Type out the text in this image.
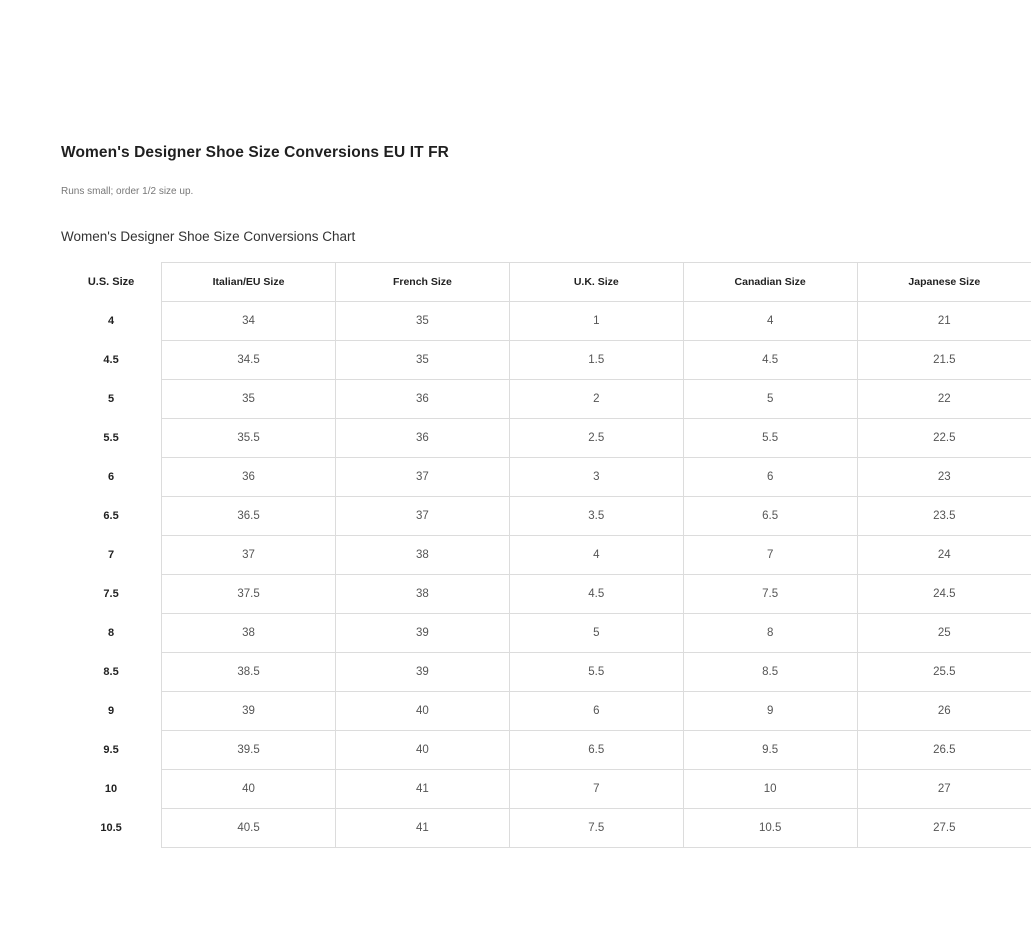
Women's Designer Shoe Size Conversions EU IT FR
Runs small; order 1/2 size up.
Women's Designer Shoe Size Conversions Chart
U.S. Size	Italian/EU Size	French Size	U.K. Size	Canadian Size	Japanese Size
4	34	35	1	4	21
4.5	34.5	35	1.5	4.5	21.5
5	35	36	2	5	22
5.5	35.5	36	2.5	5.5	22.5
6	36	37	3	6	23
6.5	36.5	37	3.5	6.5	23.5
7	37	38	4	7	24
7.5	37.5	38	4.5	7.5	24.5
8	38	39	5	8	25
8.5	38.5	39	5.5	8.5	25.5
9	39	40	6	9	26
9.5	39.5	40	6.5	9.5	26.5
10	40	41	7	10	27
10.5	40.5	41	7.5	10.5	27.5
